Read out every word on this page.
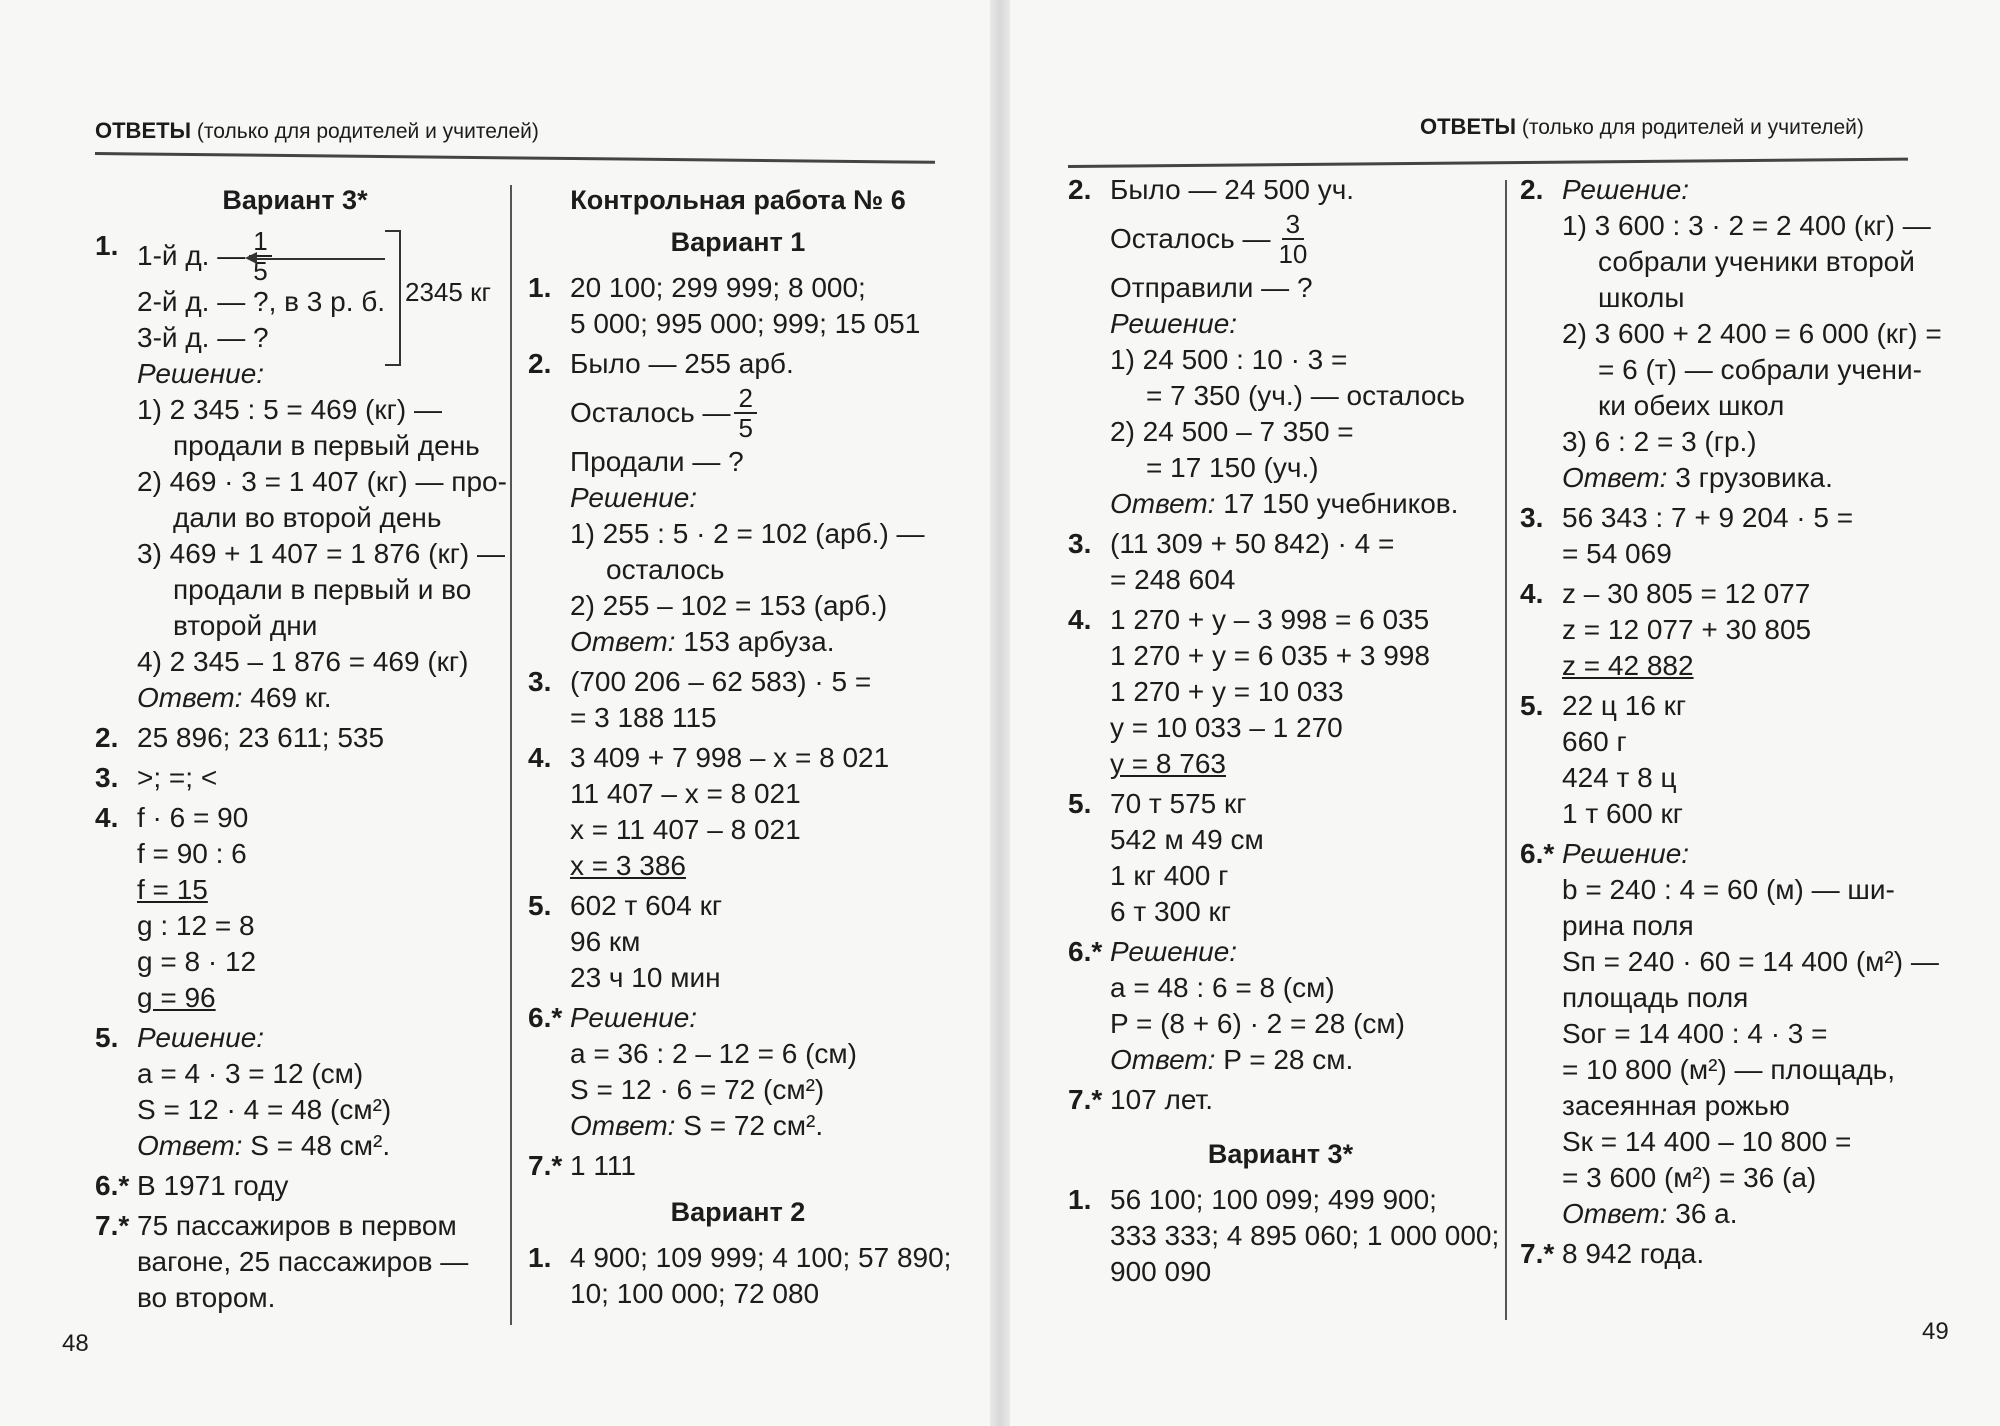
ОТВЕТЫ (только для родителей и учителей)	ОТВЕТЫ (только для родителей и учителей)
Вариант 3*
1. 1-й д. — $\frac{1}{5}$
2-й д. — ?, в 3 р. б.
3-й д. — ?
Решение:
1) 2 345 : 5 = 469 (кг) —
продали в первый день
2) 469 · 3 = 1 407 (кг) — про-
дали во второй день
3) 469 + 1 407 = 1 876 (кг) —
продали в первый и во
второй дни
4) 2 345 – 1 876 = 469 (кг)
Ответ: 469 кг.
2345 кг
2. 25 896; 23 611; 535
3. >; =; <
4. f · 6 = 90
f = 90 : 6
f = 15
g : 12 = 8
g = 8 · 12
g = 96
5. Решение:
a = 4 · 3 = 12 (см)
S = 12 · 4 = 48 (см²)
Ответ: S = 48 см².
6.* В 1971 году
7.* 75 пассажиров в первом
вагоне, 25 пассажиров —
во втором.
Контрольная работа № 6
Вариант 1
1. 20 100; 299 999; 8 000;
5 000; 995 000; 999; 15 051
2. Было — 255 арб.
Осталось — $\frac{2}{5}$
Продали — ?
Решение:
1) 255 : 5 · 2 = 102 (арб.) —
осталось
2) 255 – 102 = 153 (арб.)
Ответ: 153 арбуза.
3. (700 206 – 62 583) · 5 =
= 3 188 115
4. 3 409 + 7 998 – x = 8 021
11 407 – x = 8 021
x = 11 407 – 8 021
x = 3 386
5. 602 т 604 кг
96 км
23 ч 10 мин
6.* Решение:
a = 36 : 2 – 12 = 6 (см)
S = 12 · 6 = 72 (см²)
Ответ: S = 72 см².
7.* 1 111
Вариант 2
1. 4 900; 109 999; 4 100; 57 890;
10; 100 000; 72 080
2. Было — 24 500 уч.
Осталось — $\frac{3}{10}$
Отправили — ?
Решение:
1) 24 500 : 10 · 3 =
= 7 350 (уч.) — осталось
2) 24 500 – 7 350 =
= 17 150 (уч.)
Ответ: 17 150 учебников.
3. (11 309 + 50 842) · 4 =
= 248 604
4. 1 270 + y – 3 998 = 6 035
1 270 + y = 6 035 + 3 998
1 270 + y = 10 033
y = 10 033 – 1 270
y = 8 763
5. 70 т 575 кг
542 м 49 см
1 кг 400 г
6 т 300 кг
6.* Решение:
a = 48 : 6 = 8 (см)
P = (8 + 6) · 2 = 28 (см)
Ответ: P = 28 см.
7.* 107 лет.
Вариант 3*
1. 56 100; 100 099; 499 900;
333 333; 4 895 060; 1 000 000;
900 090
2. Решение:
1) 3 600 : 3 · 2 = 2 400 (кг) —
собрали ученики второй
школы
2) 3 600 + 2 400 = 6 000 (кг) =
= 6 (т) — собрали учени-
ки обеих школ
3) 6 : 2 = 3 (гр.)
Ответ: 3 грузовика.
3. 56 343 : 7 + 9 204 · 5 =
= 54 069
4. z – 30 805 = 12 077
z = 12 077 + 30 805
z = 42 882
5. 22 ц 16 кг
660 г
424 т 8 ц
1 т 600 кг
6.* Решение:
b = 240 : 4 = 60 (м) — ши-
рина поля
Sп = 240 · 60 = 14 400 (м²) —
площадь поля
Sог = 14 400 : 4 · 3 =
= 10 800 (м²) — площадь,
засеянная рожью
Sк = 14 400 – 10 800 =
= 3 600 (м²) = 36 (а)
Ответ: 36 а.
7.* 8 942 года.
48	49
